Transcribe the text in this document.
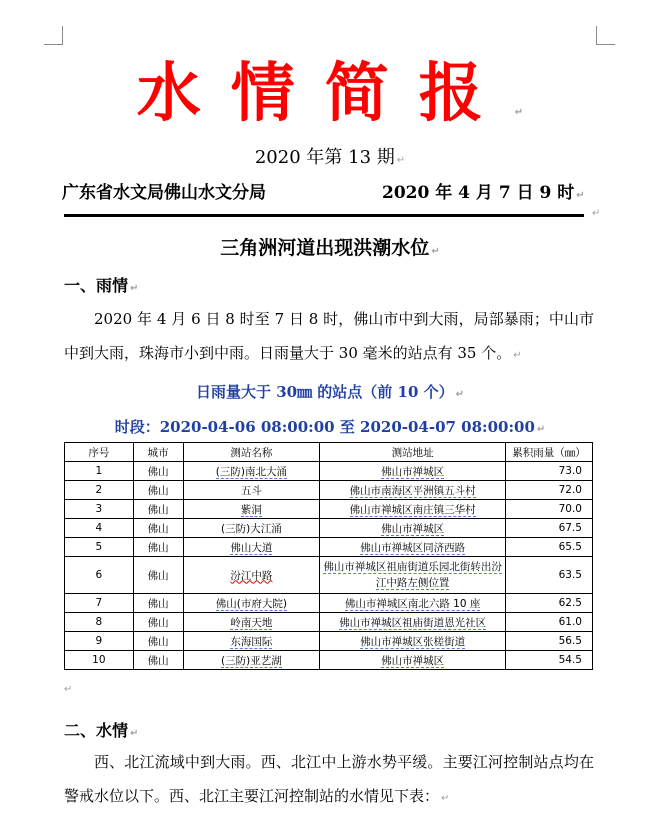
水情简报 ↵
2020 年第 13 期 ↵
广东省水文局佛山水文分局	2020 年 4 月 7 日 9 时 ↵
↵
三角洲河道出现洪潮水位 ↵
一、雨情 ↵
2020 年 4 月 6 日 8 时至 7 日 8 时，佛山市中到大雨，局部暴雨；中山市中到大雨，珠海市小到中雨。日雨量大于 30 毫米的站点有 35 个。 ↵
日雨量大于 30㎜ 的站点（前 10 个） ↵
时段：2020-04-06 08:00:00 至 2020-04-07 08:00:00 ↵
序号	城市	测站名称	测站地址	累积雨量（㎜）
1	佛山	(三防)南北大涌	佛山市禅城区	73.0
2	佛山	五斗	佛山市南海区平洲镇五斗村	72.0
3	佛山	紫洞	佛山市禅城区南庄镇三华村	70.0
4	佛山	(三防)大江涌	佛山市禅城区	67.5
5	佛山	佛山大道	佛山市禅城区同济西路	65.5
6	佛山	汾江中路	佛山市禅城区祖庙街道乐园北街转出汾江中路左侧位置	63.5
7	佛山	佛山(市府大院)	佛山市禅城区南北六路 10 座	62.5
8	佛山	岭南天地	佛山市禅城区祖庙街道恩光社区	61.0
9	佛山	东海国际	佛山市禅城区张槎街道	56.5
10	佛山	(三防)亚艺湖	佛山市禅城区	54.5
↵
二、水情 ↵
西、北江流域中到大雨。西、北江中上游水势平缓。主要江河控制站点均在警戒水位以下。西、北江主要江河控制站的水情见下表： ↵
